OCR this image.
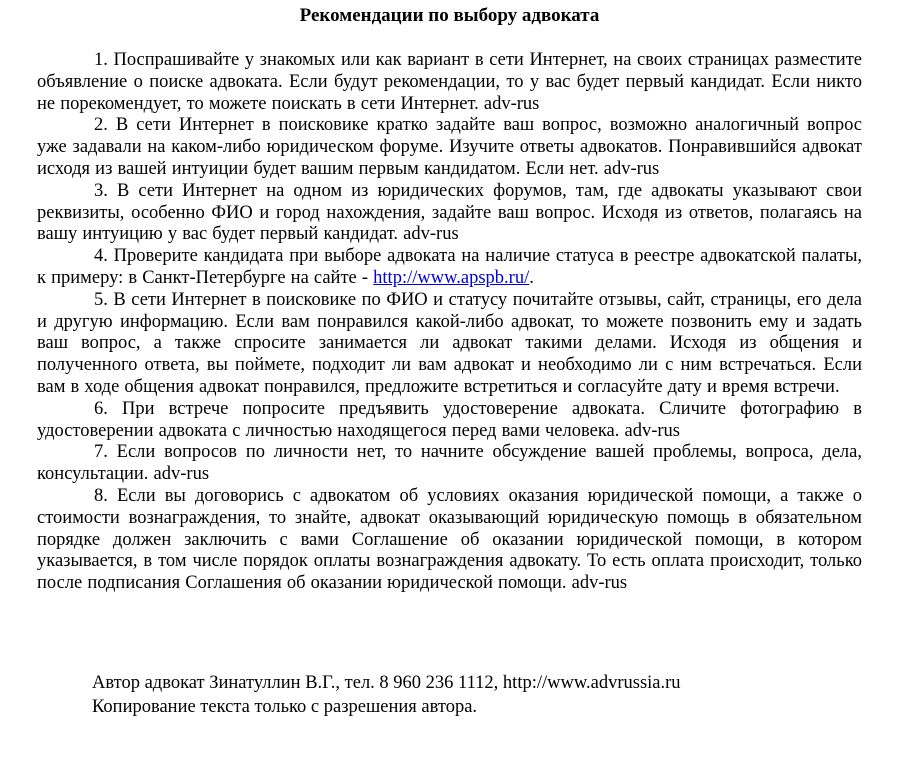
Рекомендации по выбору адвоката

1. Поспрашивайте у знакомых или как вариант в сети Интернет, на своих страницах разместите объявление о поиске адвоката. Если будут рекомендации, то у вас будет первый кандидат. Если никто не порекомендует, то можете поискать в сети Интернет. adv-rus

2. В сети Интернет в поисковике кратко задайте ваш вопрос, возможно аналогичный вопрос уже задавали на каком-либо юридическом форуме. Изучите ответы адвокатов. Понравившийся адвокат исходя из вашей интуиции будет вашим первым кандидатом. Если нет. adv-rus

3. В сети Интернет на одном из юридических форумов, там, где адвокаты указывают свои реквизиты, особенно ФИО и город нахождения, задайте ваш вопрос. Исходя из ответов, полагаясь на вашу интуицию у вас будет первый кандидат. adv-rus

4. Проверите кандидата при выборе адвоката на наличие статуса в реестре адвокатской палаты, к примеру: в Санкт-Петербурге на сайте - http://www.apspb.ru/.

5. В сети Интернет в поисковике по ФИО и статусу почитайте отзывы, сайт, страницы, его дела и другую информацию. Если вам понравился какой-либо адвокат, то можете позвонить ему и задать ваш вопрос, а также спросите занимается ли адвокат такими делами. Исходя из общения и полученного ответа, вы поймете, подходит ли вам адвокат и необходимо ли с ним встречаться. Если вам в ходе общения адвокат понравился, предложите встретиться и согласуйте дату и время встречи.

6. При встрече попросите предъявить удостоверение адвоката. Сличите фотографию в удостоверении адвоката с личностью находящегося перед вами человека. adv-rus

7. Если вопросов по личности нет, то начните обсуждение вашей проблемы, вопроса, дела, консультации. adv-rus

8. Если вы договорись с адвокатом об условиях оказания юридической помощи, а также о стоимости вознаграждения, то знайте, адвокат оказывающий юридическую помощь в обязательном порядке должен заключить с вами Соглашение об оказании юридической помощи, в котором указывается, в том числе порядок оплаты вознаграждения адвокату. То есть оплата происходит, только после подписания Соглашения об оказании юридической помощи. adv-rus

Автор адвокат Зинатуллин В.Г., тел. 8 960 236 1112, http://www.advrussia.ru
Копирование текста только с разрешения автора.
